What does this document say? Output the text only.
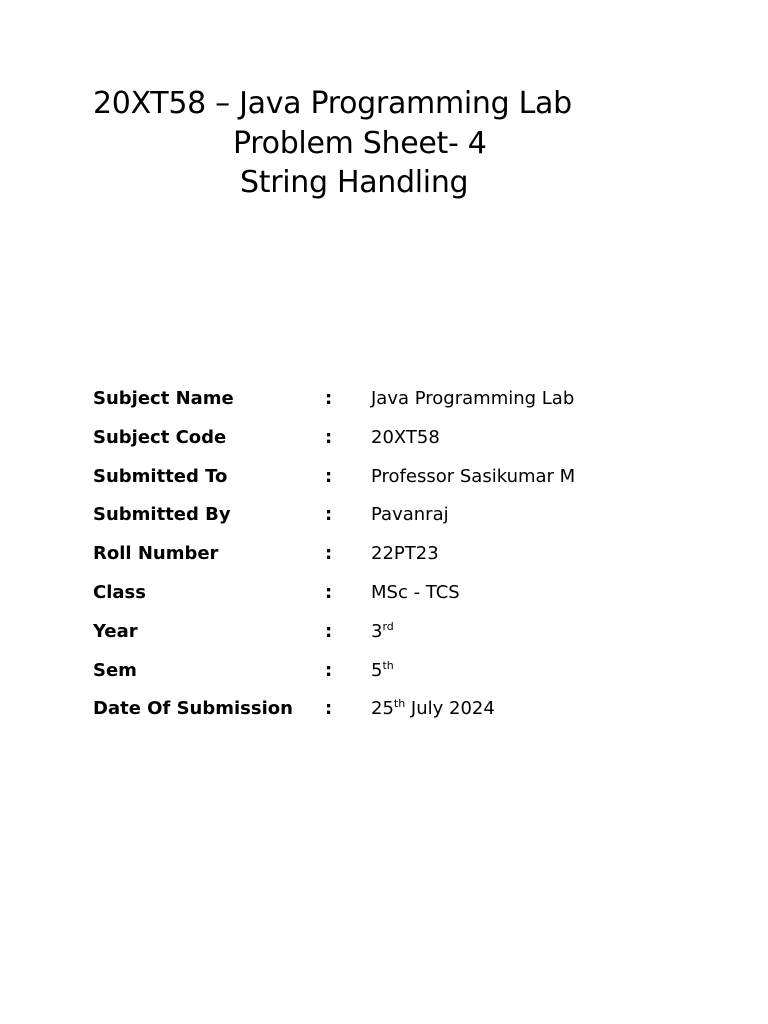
20XT58 – Java Programming Lab
Problem Sheet- 4
String Handling
Subject Name	:	Java Programming Lab
Subject Code	:	20XT58
Submitted To	:	Professor Sasikumar M
Submitted By	:	Pavanraj
Roll Number	:	22PT23
Class	:	MSc - TCS
Year	:	3rd
Sem	:	5th
Date Of Submission	:	25th July 2024
